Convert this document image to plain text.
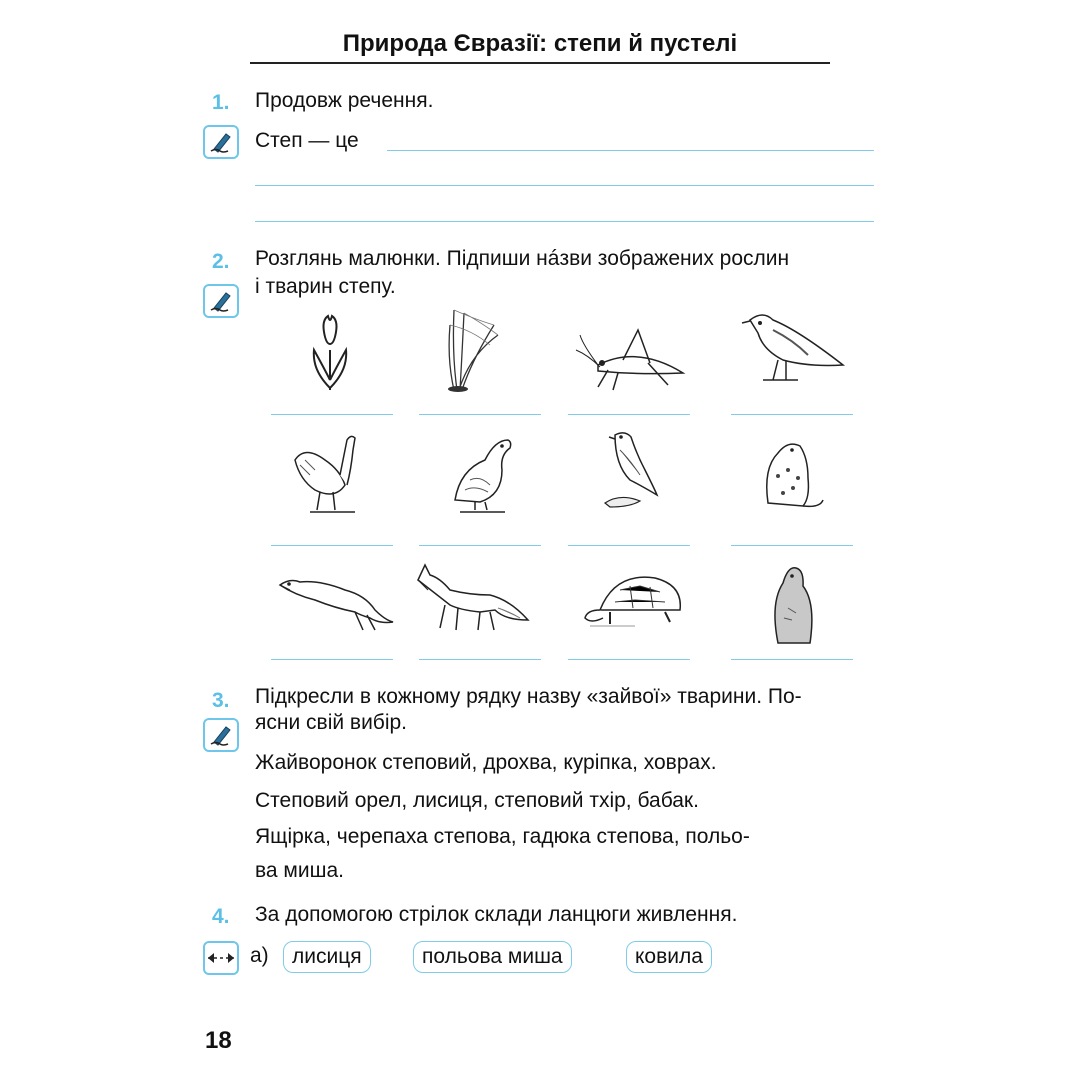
Природа Євразії: степи й пустелі
1. Продовж речення.
Степ — це
2. Розглянь малюнки. Підпиши нáзви зображених рослин
і тварин степу.
3. Підкресли в кожному рядку назву «зайвої» тварини. По-
ясни свій вибір.
Жайворонок степовий, дрохва, куріпка, ховрах.
Степовий орел, лисиця, степовий тхір, бабак.
Ящірка, черепаха степова, гадюка степова, польо-
ва миша.
4. За допомогою стрілок склади ланцюги живлення.
а)	лисиця	польова миша	ковила
18
